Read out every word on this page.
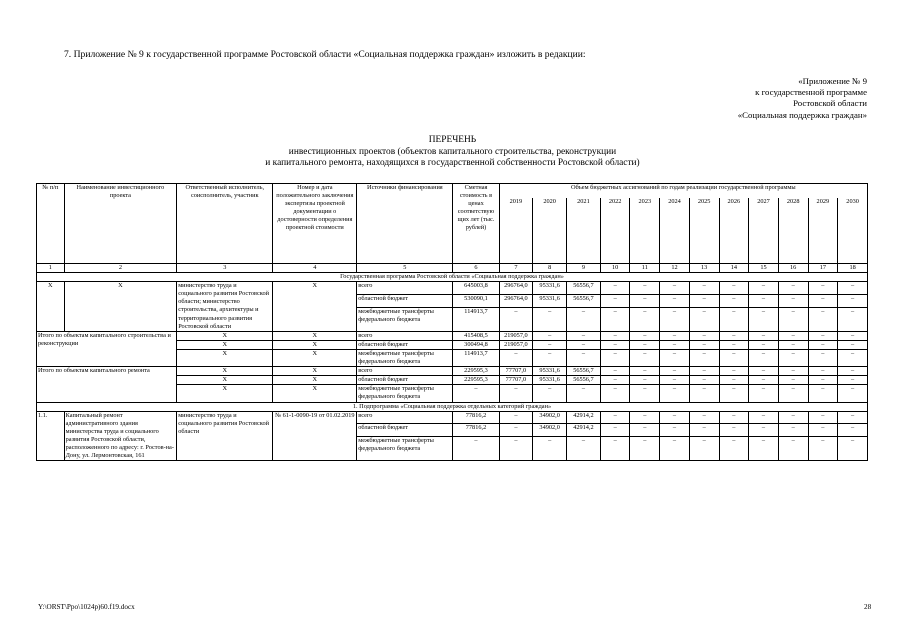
7. Приложение № 9 к государственной программе Ростовской области «Социальная поддержка граждан» изложить в редакции:
«Приложение № 9
к государственной программе
Ростовской области
«Социальная поддержка граждан»
ПЕРЕЧЕНЬ
инвестиционных проектов (объектов капитального строительства, реконструкции
и капитального ремонта, находящихся в государственной собственности Ростовской области)
№ п/п	Наименование инвестиционного проекта	Ответственный исполнитель, соисполнитель, участник	Номер и дата положительного заключения экспертизы проектной документации о достоверности определения проектной стоимости	Источники финансирования	Сметная стоимость в ценах соответствую щих лет (тыс. рублей)	Объем бюджетных ассигнований по годам реализации государственной программы											
						2019	2020	2021	2022	2023	2024	2025	2026	2027	2028	2029	2030
1	2	3	4	5	6	7	8	9	10	11	12	13	14	15	16	17	18
Государственная программа Ростовской области «Социальная поддержка граждан»																	
Х	Х	министерство труда и социального развития Ростовской области; министерство строительства, архитектуры и территориального развития Ростовской области	Х	всего	645003,8	296764,0	95331,6	56556,7	–	–	–	–	–	–	–	–	–
				областной бюджет	530090,1	296764,0	95331,6	56556,7	–	–	–	–	–	–	–	–	–
				межбюджетные трансферты федерального бюджета	114913,7	–	–	–	–	–	–	–	–	–	–	–	–
Итого по объектам капитального строительства и реконструкции		Х	Х	всего	415408,5	219057,0	–	–	–	–	–	–	–	–	–	–	–
		Х	Х	областной бюджет	300494,8	219057,0	–	–	–	–	–	–	–	–	–	–	–
		Х	Х	межбюджетные трансферты федерального бюджета	114913,7	–	–	–	–	–	–	–	–	–	–	–	–
Итого по объектам капитального ремонта		Х	Х	всего	229595,3	77707,0	95331,6	56556,7	–	–	–	–	–	–	–	–	–
		Х	Х	областной бюджет	229595,3	77707,0	95331,6	56556,7	–	–	–	–	–	–	–	–	–
		Х	Х	межбюджетные трансферты федерального бюджета	–	–	–	–	–	–	–	–	–	–	–	–	–
1. Подпрограмма «Социальная поддержка отдельных категорий граждан»																	
1.1.	Капитальный ремонт административного здания министерства труда и социального развития Ростовской области, расположенного по адресу: г. Ростов-на-Дону, ул. Лермонтовская, 161	министерство труда и социального развития Ростовской области	№ 61-1-0090-19 от 01.02.2019	всего	77816,2	–	34902,0	42914,2	–	–	–	–	–	–	–	–	–
				областной бюджет	77816,2	–	34902,0	42914,2	–	–	–	–	–	–	–	–	–
				межбюджетные трансферты федерального бюджета	–	–	–	–	–	–	–	–	–	–	–	–	–
Y:\ORST\Ppo\1024p)60.f19.docx	28
